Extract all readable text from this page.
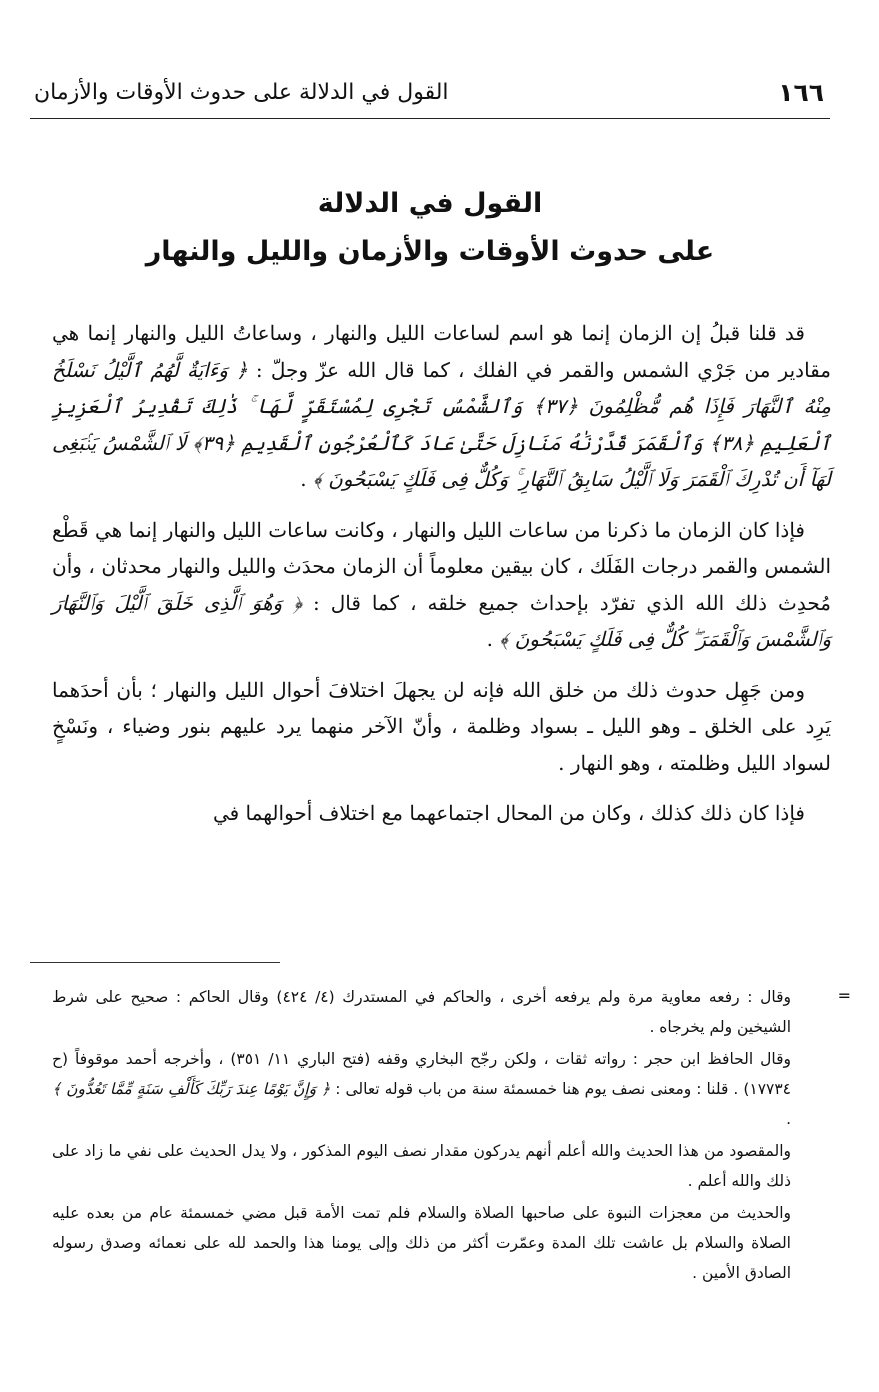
١٦٦
القول في الدلالة على حدوث الأوقات والأزمان
القول في الدلالة
على حدوث الأوقات والأزمان والليل والنهار

قد قلنا قبلُ إن الزمان إنما هو اسم لساعات الليل والنهار ، وساعاتُ الليل والنهار إنما هي مقادير من جَرْي الشمس والقمر في الفلك ، كما قال الله عزّ وجلّ : ﴿ وَءَايَةٌ لَّهُمُ ٱلَّيْلُ نَسْلَخُ مِنْهُ ٱلنَّهَارَ فَإِذَا هُم مُّظْلِمُونَ ﴿٣٧﴾ وَٱلشَّمْسُ تَجْرِى لِمُسْتَقَرٍّ لَّهَا ۚ ذَٰلِكَ تَقْدِيرُ ٱلْعَزِيزِ ٱلْعَلِيمِ ﴿٣٨﴾ وَٱلْقَمَرَ قَدَّرْنَٰهُ مَنَازِلَ حَتَّىٰ عَادَ كَٱلْعُرْجُونِ ٱلْقَدِيمِ ﴿٣٩﴾ لَا ٱلشَّمْسُ يَنۢبَغِى لَهَآ أَن تُدْرِكَ ٱلْقَمَرَ وَلَا ٱلَّيْلُ سَابِقُ ٱلنَّهَارِ ۚ وَكُلٌّ فِى فَلَكٍ يَسْبَحُونَ ﴾ .

فإذا كان الزمان ما ذكرنا من ساعات الليل والنهار ، وكانت ساعات الليل والنهار إنما هي قَطْع الشمس والقمر درجات الفَلَك ، كان بيقين معلوماً أن الزمان محدَث والليل والنهار محدثان ، وأن مُحدِث ذلك الله الذي تفرّد بإحداث جميع خلقه ، كما قال : ﴿ وَهُوَ ٱلَّذِى خَلَقَ ٱلَّيْلَ وَٱلنَّهَارَ وَٱلشَّمْسَ وَٱلْقَمَرَ ۖ كُلٌّ فِى فَلَكٍ يَسْبَحُونَ ﴾ .

ومن جَهِل حدوث ذلك من خلق الله فإنه لن يجهلَ اختلافَ أحوال الليل والنهار ؛ بأن أحدَهما يَرِد على الخلق ـ وهو الليل ـ بسواد وظلمة ، وأنّ الآخر منهما يرد عليهم بنور وضياء ، ونَسْخٍ لسواد الليل وظلمته ، وهو النهار .

فإذا كان ذلك كذلك ، وكان من المحال اجتماعهما مع اختلاف أحوالهما في

=

وقال : رفعه معاوية مرة ولم يرفعه أخرى ، والحاكم في المستدرك (٤/ ٤٢٤) وقال الحاكم : صحيح على شرط الشيخين ولم يخرجاه .

وقال الحافظ ابن حجر : رواته ثقات ، ولكن رجّح البخاري وقفه (فتح الباري ١١/ ٣٥١) ، وأخرجه أحمد موقوفاً (ح ١٧٧٣٤) . قلنا : ومعنى نصف يوم هنا خمسمئة سنة من باب قوله تعالى : ﴿ وَإِنَّ يَوْمًا عِندَ رَبِّكَ كَأَلْفِ سَنَةٍ مِّمَّا تَعُدُّونَ ﴾ .

والمقصود من هذا الحديث والله أعلم أنهم يدركون مقدار نصف اليوم المذكور ، ولا يدل الحديث على نفي ما زاد على ذلك والله أعلم .

والحديث من معجزات النبوة على صاحبها الصلاة والسلام فلم تمت الأمة قبل مضي خمسمئة عام من بعده عليه الصلاة والسلام بل عاشت تلك المدة وعمّرت أكثر من ذلك وإلى يومنا هذا والحمد لله على نعمائه وصدق رسوله الصادق الأمين .
